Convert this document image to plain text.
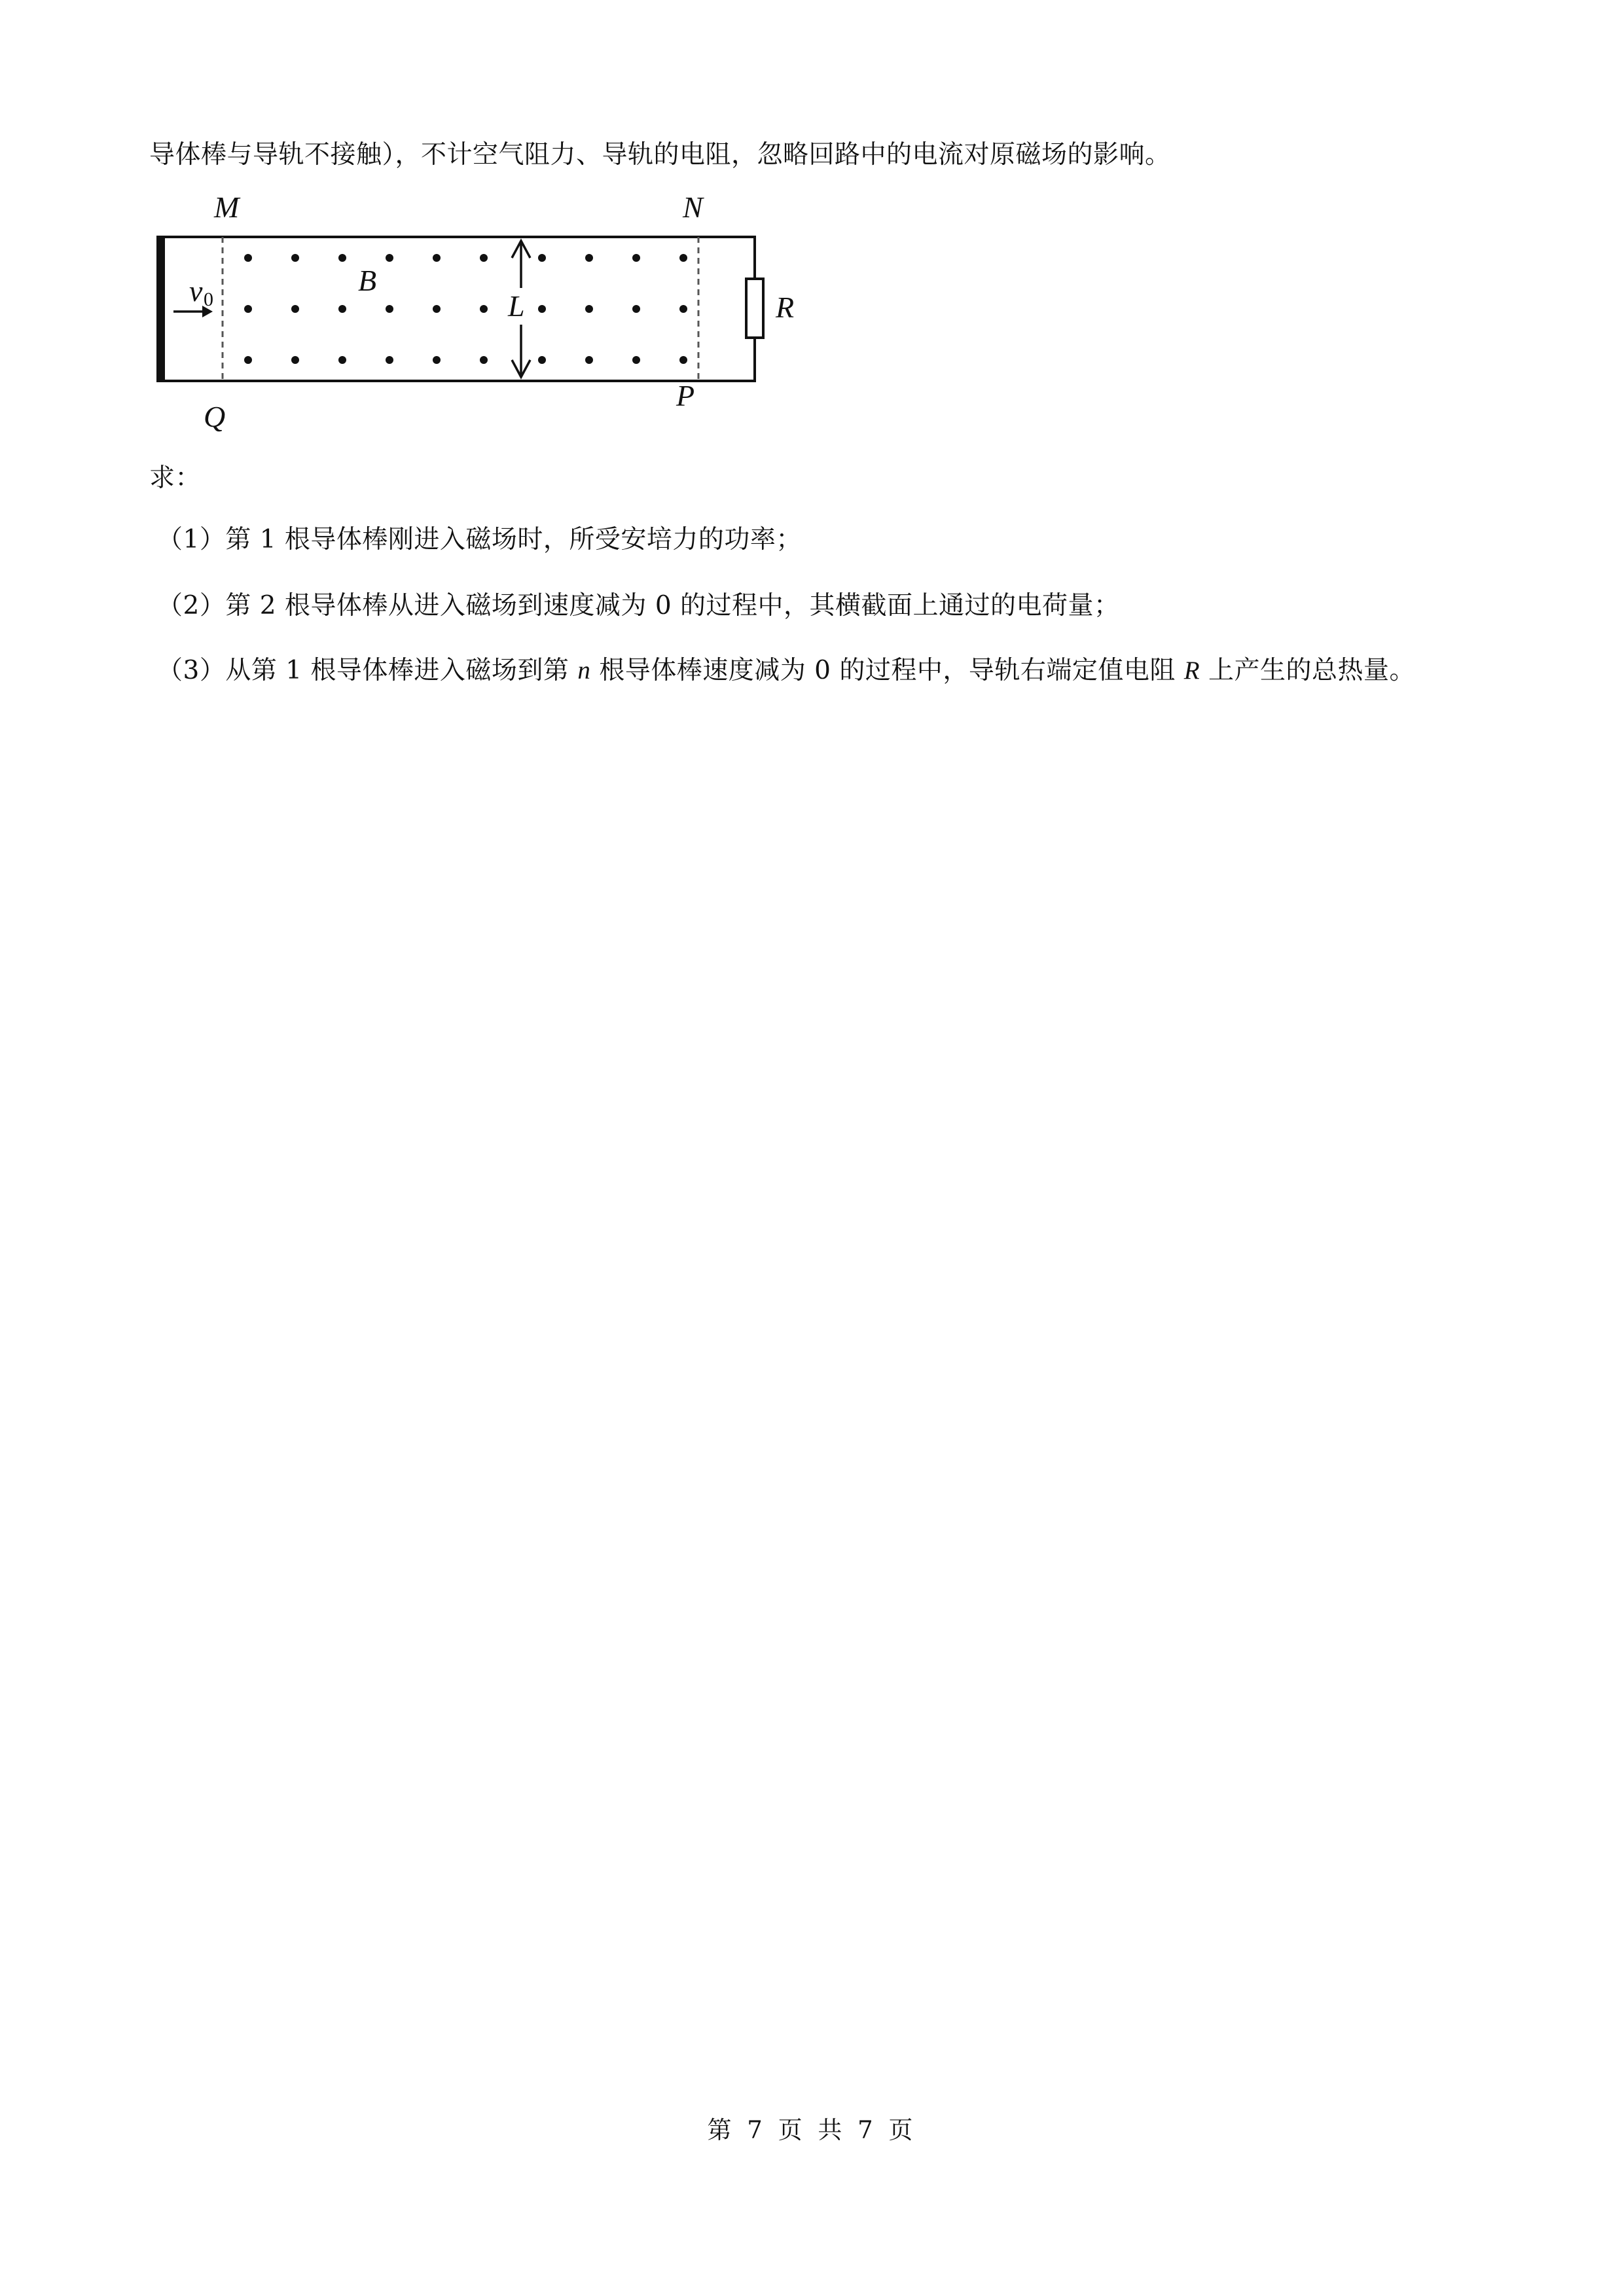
导体棒与导轨不接触），不计空气阻力、导轨的电阻，忽略回路中的电流对原磁场的影响。
M	N
Q
P
B
L	R
v 0
求：
（1）第 1 根导体棒刚进入磁场时，所受安培力的功率；
（2）第 2 根导体棒从进入磁场到速度减为 0 的过程中，其横截面上通过的电荷量；
（3）从第 1 根导体棒进入磁场到第 n 根导体棒速度减为 0 的过程中，导轨右端定值电阻 R 上产生的总热量。
第 7 页 共 7 页
